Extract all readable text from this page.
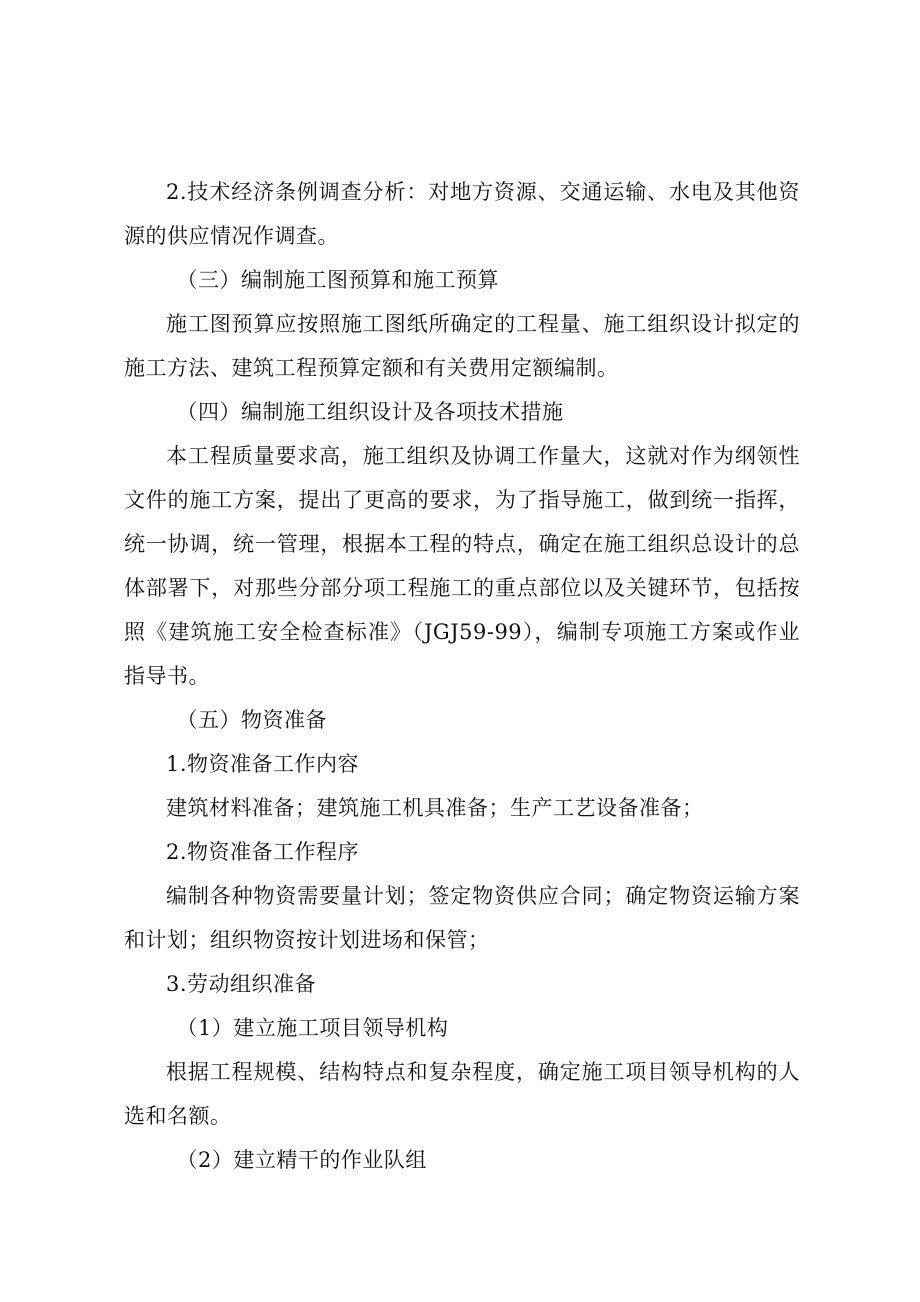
2.技术经济条例调查分析：对地方资源、交通运输、水电及其他资源的供应情况作调查。

（三）编制施工图预算和施工预算

施工图预算应按照施工图纸所确定的工程量、施工组织设计拟定的施工方法、建筑工程预算定额和有关费用定额编制。

（四）编制施工组织设计及各项技术措施

本工程质量要求高，施工组织及协调工作量大，这就对作为纲领性文件的施工方案，提出了更高的要求，为了指导施工，做到统一指挥，统一协调，统一管理，根据本工程的特点，确定在施工组织总设计的总体部署下，对那些分部分项工程施工的重点部位以及关键环节，包括按照《建筑施工安全检查标准》（JGJ59-99），编制专项施工方案或作业指导书。

（五）物资准备

1.物资准备工作内容

建筑材料准备；建筑施工机具准备；生产工艺设备准备；

2.物资准备工作程序

编制各种物资需要量计划；签定物资供应合同；确定物资运输方案和计划；组织物资按计划进场和保管；

3.劳动组织准备

（1）建立施工项目领导机构

根据工程规模、结构特点和复杂程度，确定施工项目领导机构的人选和名额。

（2）建立精干的作业队组
